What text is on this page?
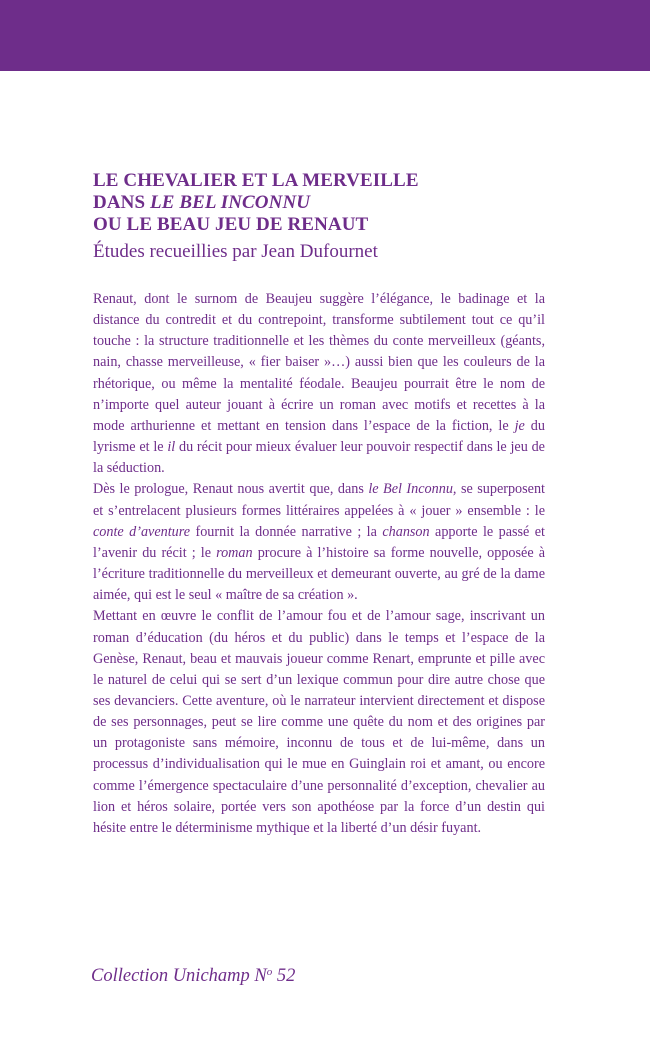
LE CHEVALIER ET LA MERVEILLE
DANS LE BEL INCONNU
OU LE BEAU JEU DE RENAUT
Études recueillies par Jean Dufournet

Renaut, dont le surnom de Beaujeu suggère l’élégance, le badinage et la distance du contredit et du contrepoint, transforme subtilement tout ce qu’il touche : la structure traditionnelle et les thèmes du conte merveilleux (géants, nain, chasse merveilleuse, « fier baiser »…) aussi bien que les couleurs de la rhétorique, ou même la mentalité féodale. Beaujeu pourrait être le nom de n’importe quel auteur jouant à écrire un roman avec motifs et recettes à la mode arthurienne et mettant en tension dans l’espace de la fiction, le je du lyrisme et le il du récit pour mieux évaluer leur pouvoir respectif dans le jeu de la séduction.

Dès le prologue, Renaut nous avertit que, dans le Bel Inconnu, se superposent et s’entrelacent plusieurs formes littéraires appelées à « jouer » ensemble : le conte d’aventure fournit la donnée narrative ; la chanson apporte le passé et l’avenir du récit ; le roman procure à l’histoire sa forme nouvelle, opposée à l’écriture traditionnelle du merveilleux et demeurant ouverte, au gré de la dame aimée, qui est le seul « maître de sa création ».

Mettant en œuvre le conflit de l’amour fou et de l’amour sage, inscrivant un roman d’éducation (du héros et du public) dans le temps et l’espace de la Genèse, Renaut, beau et mauvais joueur comme Renart, emprunte et pille avec le naturel de celui qui se sert d’un lexique commun pour dire autre chose que ses devanciers. Cette aventure, où le narrateur intervient directement et dispose de ses personnages, peut se lire comme une quête du nom et des origines par un protagoniste sans mémoire, inconnu de tous et de lui-même, dans un processus d’individualisation qui le mue en Guinglain roi et amant, ou encore comme l’émergence spectaculaire d’une personnalité d’exception, chevalier au lion et héros solaire, portée vers son apothéose par la force d’un destin qui hésite entre le déterminisme mythique et la liberté d’un désir fuyant.

Collection Unichamp $N^o$ 52
